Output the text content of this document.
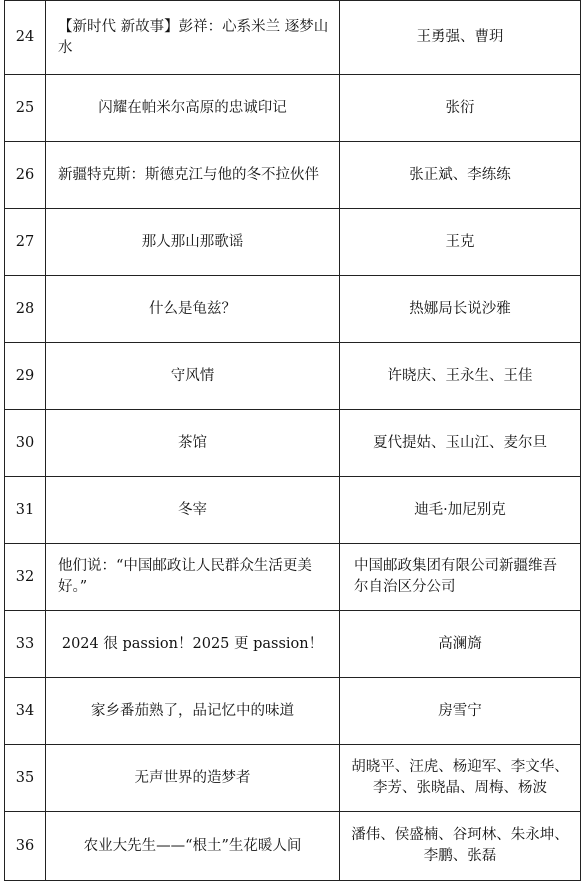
24	【新时代 新故事】彭祥：心系米兰 逐梦山水	王勇强、曹玥
25	闪耀在帕米尔高原的忠诚印记	张衍
26	新疆特克斯：斯德克江与他的冬不拉伙伴	张正斌、李练练
27	那人那山那歌谣	王克
28	什么是龟兹？	热娜局长说沙雅
29	守风情	许晓庆、王永生、王佳
30	茶馆	夏代提姑、玉山江、麦尔旦
31	冬宰	迪毛·加尼别克
32	他们说：“中国邮政让人民群众生活更美好。”	中国邮政集团有限公司新疆维吾尔自治区分公司
33	2024 很 passion！2025 更 passion！	高澜旖
34	家乡番茄熟了，品记忆中的味道	房雪宁
35	无声世界的造梦者	胡晓平、汪虎、杨迎军、李文华、李芳、张晓晶、周梅、杨波
36	农业大先生——“根土”生花暖人间	潘伟、侯盛楠、谷珂林、朱永坤、李鹏、张磊
